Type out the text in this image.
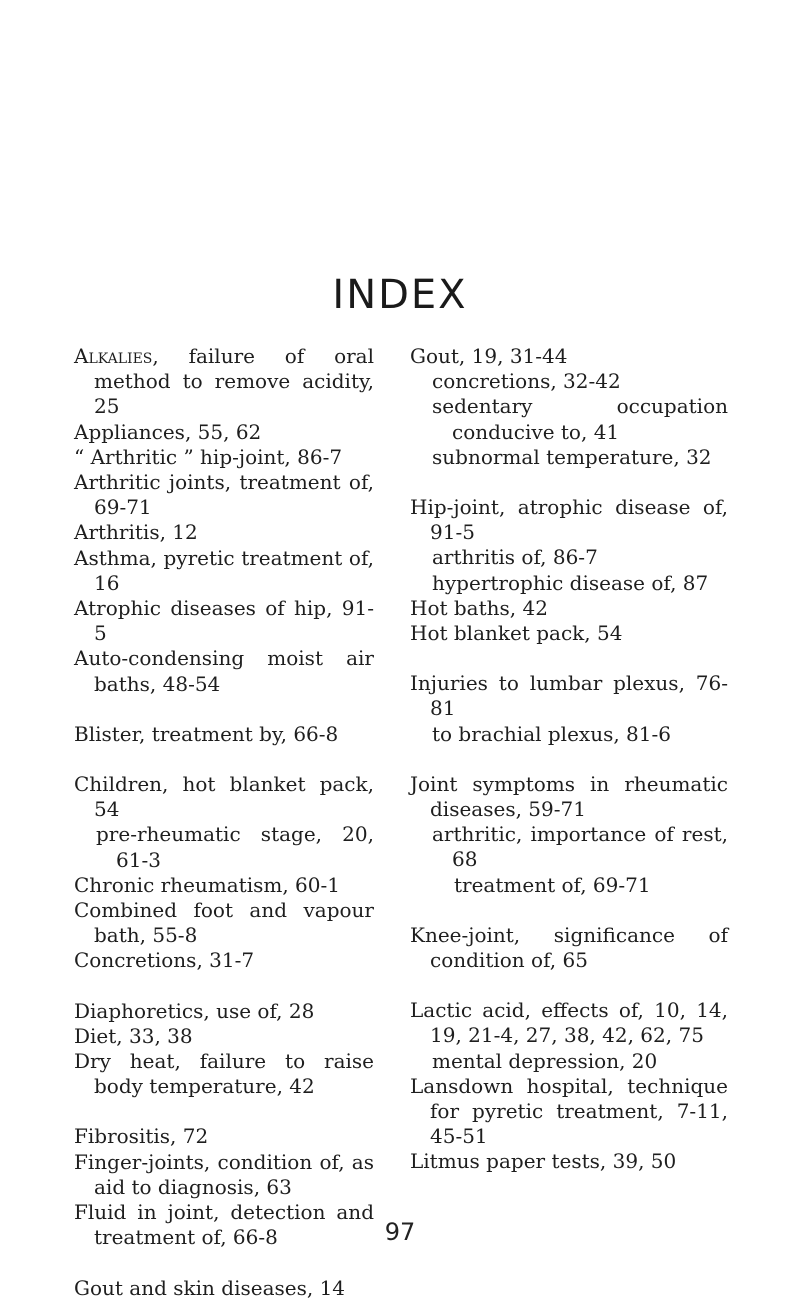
INDEX

Alkalies, failure of oral method to remove acidity, 25

Appliances, 55, 62

“ Arthritic ” hip-joint, 86-7

Arthritic joints, treatment of, 69-71

Arthritis, 12

Asthma, pyretic treatment of, 16

Atrophic diseases of hip, 91-5

Auto-condensing moist air baths, 48-54

Blister, treatment by, 66-8

Children, hot blanket pack, 54

pre-rheumatic stage, 20, 61-3

Chronic rheumatism, 60-1

Combined foot and vapour bath, 55-8

Concretions, 31-7

Diaphoretics, use of, 28

Diet, 33, 38

Dry heat, failure to raise body temperature, 42

Fibrositis, 72

Finger-joints, condition of, as aid to diagnosis, 63

Fluid in joint, detection and treatment of, 66-8

Gout and skin diseases, 14

Gout, 19, 31-44

concretions, 32-42

sedentary occupation conducive to, 41

subnormal temperature, 32

Hip-joint, atrophic disease of, 91-5

arthritis of, 86-7

hypertrophic disease of, 87

Hot baths, 42

Hot blanket pack, 54

Injuries to lumbar plexus, 76-81

to brachial plexus, 81-6

Joint symptoms in rheumatic diseases, 59-71

arthritic, importance of rest, 68

treatment of, 69-71

Knee-joint, significance of condition of, 65

Lactic acid, effects of, 10, 14, 19, 21-4, 27, 38, 42, 62, 75

mental depression, 20

Lansdown hospital, technique for pyretic treatment, 7-11, 45-51

Litmus paper tests, 39, 50

97
